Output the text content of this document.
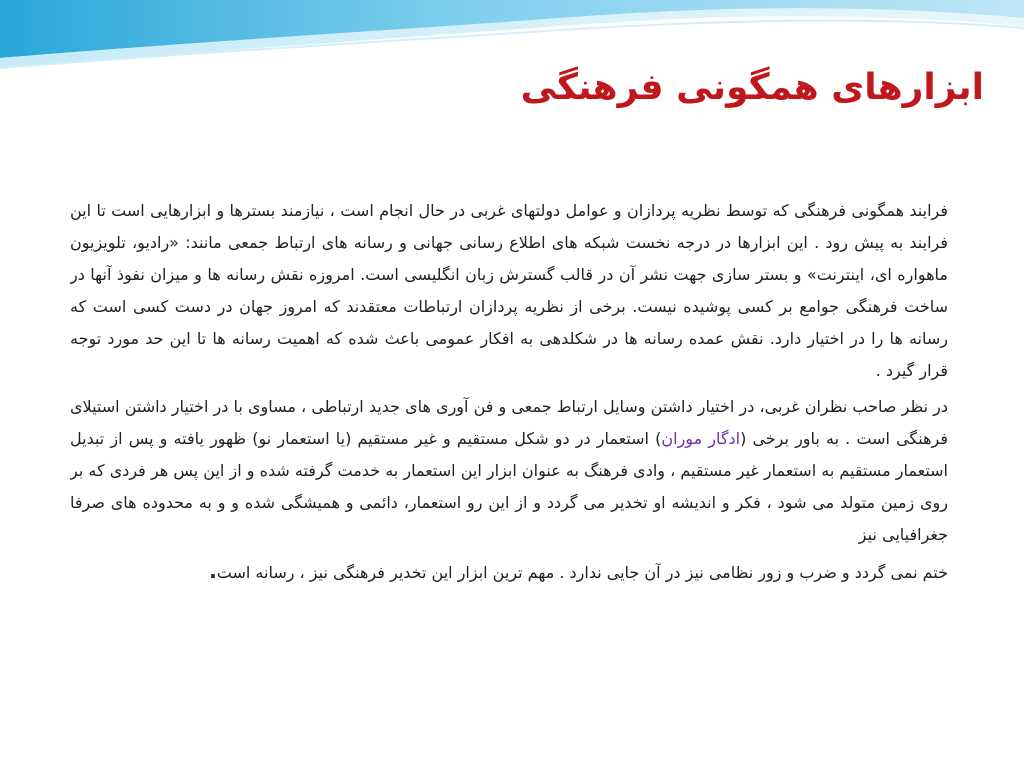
ابزارهای همگونی فرهنگی

فرایند همگونی فرهنگی که توسط نظریه پردازان و عوامل دولتهای غربی در حال انجام است ، نیازمند بسترها و ابزارهایی است تا این فرایند به پیش رود . این ابزارها در درجه نخست شبکه های اطلاع رسانی جهانی و رسانه های ارتباط جمعی مانند: «رادیو، تلویزیون ماهواره ای، اینترنت» و بستر سازی جهت نشر آن در قالب گسترش زبان انگلیسی است. امروزه نقش رسانه ها و میزان نفوذ آنها در ساخت فرهنگی جوامع بر کسی پوشیده نیست. برخی از نظریه پردازان ارتباطات معتقدند که امروز جهان در دست کسی است که رسانه ها را در اختیار دارد. نقش عمده رسانه ها در شکلدهی به افکار عمومی باعث شده که اهمیت رسانه ها تا این حد مورد توجه قرار گیرد .

در نظر صاحب نظران غربی، در اختیار داشتن وسایل ارتباط جمعی و فن آوری های جدید ارتباطی ، مساوی با در اختیار داشتن استیلای فرهنگی است . به باور برخی (ادگار موران) استعمار در دو شکل مستقیم و غیر مستقیم (یا استعمار نو) ظهور یافته و پس از تبدیل استعمار مستقیم به استعمار غیر مستقیم ، وادی فرهنگ به عنوان ابزار این استعمار به خدمت گرفته شده و از این پس هر فردی که بر روی زمین متولد می شود ، فکر و اندیشه او تخدیر می گردد و از این رو استعمار، دائمی و همیشگی شده و و به محدوده های صرفا جغرافیایی نیز

ختم نمی گردد و ضرب و زور نظامی نیز در آن جایی ندارد . مهم ترین ابزار این تخدیر فرهنگی نیز ، رسانه است.
